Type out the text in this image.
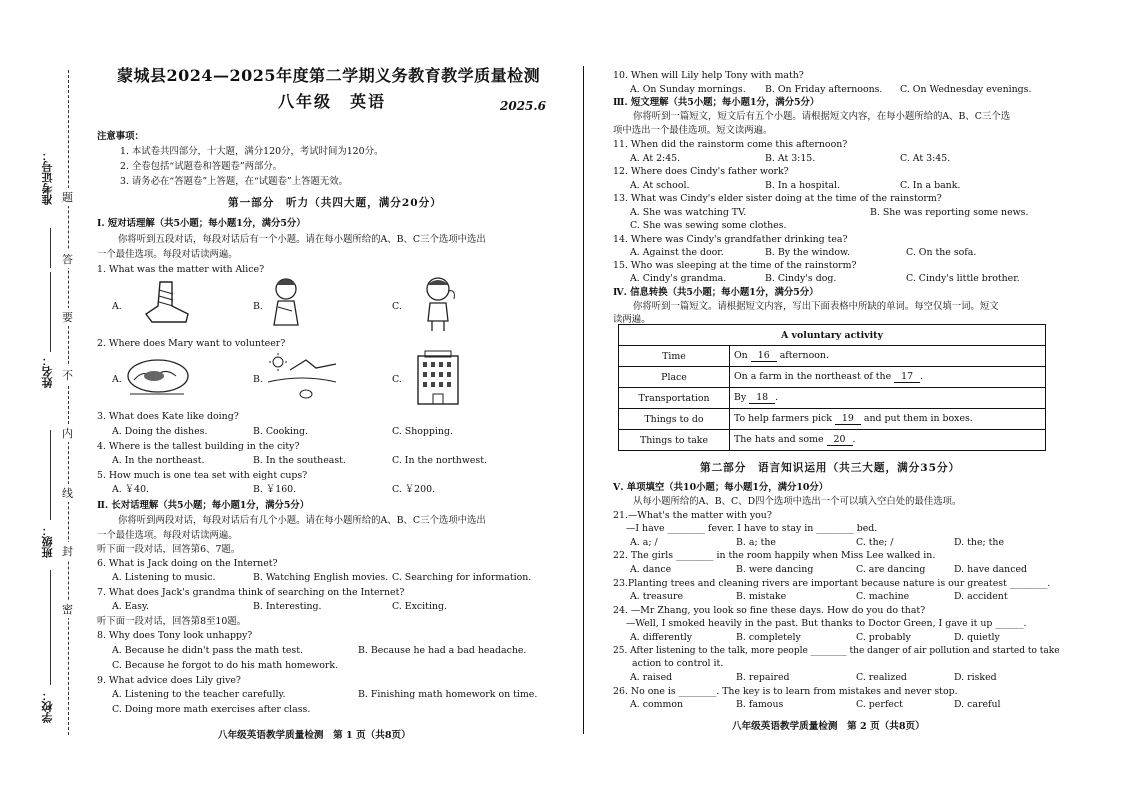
准考证号：
姓名：
班级：
学校：
题
答
要
不
内
线
封
密
蒙城县2024—2025年度第二学期义务教育教学质量检测
八年级　英语	2025.6
注意事项：
1. 本试卷共四部分，十大题，满分120分，考试时间为120分。
2. 全卷包括“试题卷和答题卷”两部分。
3. 请务必在“答题卷”上答题，在“试题卷”上答题无效。
第一部分　听力（共四大题，满分20分）
Ⅰ. 短对话理解（共5小题；每小题1分，满分5分）
你将听到五段对话，每段对话后有一个小题。请在每小题所给的A、B、C三个选项中选出
一个最佳选项。每段对话读两遍。
1. What was the matter with Alice?
A.	B.	C.
2. Where does Mary want to volunteer?
A.	B.	C.
3. What does Kate like doing?
A. Doing the dishes.	B. Cooking.	C. Shopping.
4. Where is the tallest building in the city?
A. In the northeast.	B. In the southeast.	C. In the northwest.
5. How much is one tea set with eight cups?
A. ￥40.	B. ￥160.	C. ￥200.
Ⅱ. 长对话理解（共5小题；每小题1分，满分5分）
你将听到两段对话，每段对话后有几个小题。请在每小题所给的A、B、C三个选项中选出
一个最佳选项。每段对话读两遍。
听下面一段对话，回答第6、7题。
6. What is Jack doing on the Internet?
A. Listening to music.	B. Watching English movies. C. Searching for information.
7. What does Jack's grandma think of searching on the Internet?
A. Easy.	B. Interesting.	C. Exciting.
听下面一段对话，回答第8至10题。
8. Why does Tony look unhappy?
A. Because he didn't pass the math test.	B. Because he had a bad headache.
C. Because he forgot to do his math homework.
9. What advice does Lily give?
A. Listening to the teacher carefully.	B. Finishing math homework on time.
C. Doing more math exercises after class.
八年级英语教学质量检测　第 1 页（共8页）
10. When will Lily help Tony with math?
A. On Sunday mornings. B. On Friday afternoons. C. On Wednesday evenings.
Ⅲ. 短文理解（共5小题；每小题1分，满分5分）
你将听到一篇短文，短文后有五个小题。请根据短文内容，在每小题所给的A、B、C三个选
项中选出一个最佳选项。短文读两遍。
11. When did the rainstorm come this afternoon?
A. At 2:45.	B. At 3:15.	C. At 3:45.
12. Where does Cindy's father work?
A. At school.	B. In a hospital.	C. In a bank.
13. What was Cindy's elder sister doing at the time of the rainstorm?
A. She was watching TV.	B. She was reporting some news.
C. She was sewing some clothes.
14. Where was Cindy's grandfather drinking tea?
A. Against the door.	B. By the window.	C. On the sofa.
15. Who was sleeping at the time of the rainstorm?
A. Cindy's grandma.	B. Cindy's dog.	C. Cindy's little brother.
Ⅳ. 信息转换（共5小题；每小题1分，满分5分）
你将听到一篇短文。请根据短文内容，写出下面表格中所缺的单词。每空仅填一词。短文
读两遍。
A voluntary activity	
Time	On 16 afternoon.
Place	On a farm in the northeast of the 17 .
Transportation	By 18 .
Things to do	To help farmers pick 19 and put them in boxes.
Things to take	The hats and some 20 .
第二部分　语言知识运用（共三大题，满分35分）
Ⅴ. 单项填空（共10小题；每小题1分，满分10分）
从每小题所给的A、B、C、D四个选项中选出一个可以填入空白处的最佳选项。
21.—What's the matter with you?
—I have ________ fever. I have to stay in ________ bed.
A. a; /	B. a; the	C. the; /	D. the; the
22. The girls ________ in the room happily when Miss Lee walked in.
A. dance	B. were dancing	C. are dancing	D. have danced
23.Planting trees and cleaning rivers are important because nature is our greatest ________.
A. treasure	B. mistake	C. machine	D. accident
24. —Mr Zhang, you look so fine these days. How do you do that?
—Well, I smoked heavily in the past. But thanks to Doctor Green, I gave it up ______.
A. differently	B. completely	C. probably	D. quietly
25. After listening to the talk, more people ________ the danger of air pollution and started to take
action to control it.
A. raised	B. repaired	C. realized	D. risked
26. No one is ________. The key is to learn from mistakes and never stop.
A. common	B. famous	C. perfect	D. careful
八年级英语教学质量检测　第 2 页（共8页）
